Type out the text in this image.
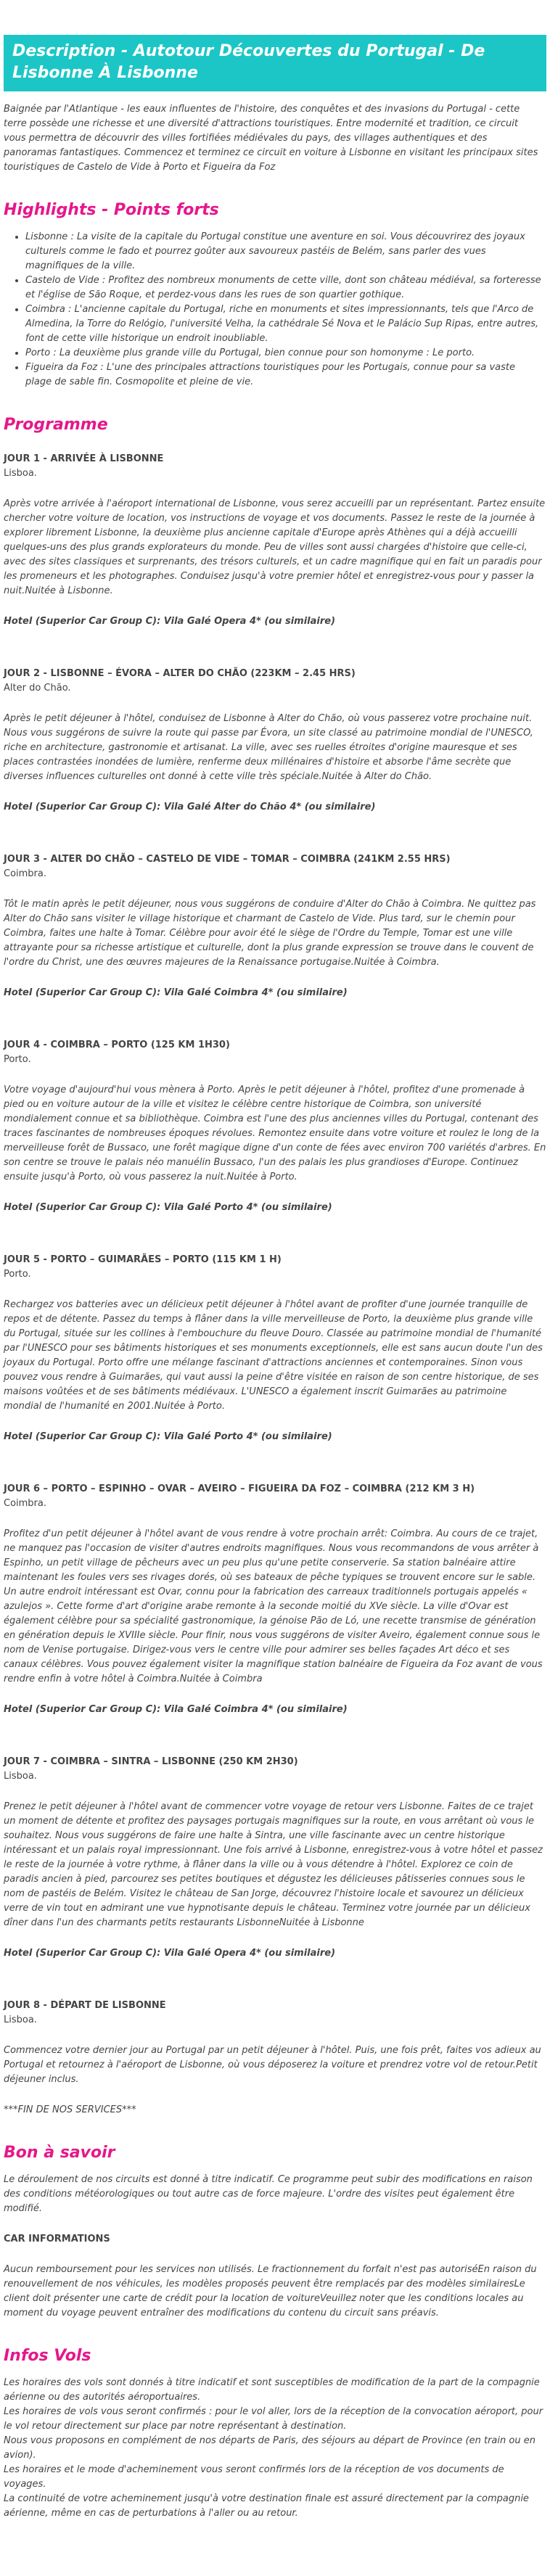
Description - Autotour Découvertes du Portugal - De Lisbonne À Lisbonne

Baignée par l'Atlantique - les eaux influentes de l'histoire, des conquêtes et des invasions du Portugal - cette terre possède une richesse et une diversité d'attractions touristiques. Entre modernité et tradition, ce circuit vous permettra de découvrir des villes fortifiées médiévales du pays, des villages authentiques et des panoramas fantastiques. Commencez et terminez ce circuit en voiture à Lisbonne en visitant les principaux sites touristiques de Castelo de Vide à Porto et Figueira da Foz

Highlights - Points forts
• Lisbonne : La visite de la capitale du Portugal constitue une aventure en soi. Vous découvrirez des joyaux culturels comme le fado et pourrez goûter aux savoureux pastéis de Belém, sans parler des vues magnifiques de la ville.
• Castelo de Vide : Profitez des nombreux monuments de cette ville, dont son château médiéval, sa forteresse et l'église de São Roque, et perdez-vous dans les rues de son quartier gothique.
• Coimbra : L'ancienne capitale du Portugal, riche en monuments et sites impressionnants, tels que l'Arco de Almedina, la Torre do Relógio, l'université Velha, la cathédrale Sé Nova et le Palácio Sup Ripas, entre autres, font de cette ville historique un endroit inoubliable.
• Porto : La deuxième plus grande ville du Portugal, bien connue pour son homonyme : Le porto.
• Figueira da Foz : L'une des principales attractions touristiques pour les Portugais, connue pour sa vaste plage de sable fin. Cosmopolite et pleine de vie.
Programme

JOUR 1 - ARRIVÉE À LISBONNE

Lisboa.

Après votre arrivée à l'aéroport international de Lisbonne, vous serez accueilli par un représentant. Partez ensuite chercher votre voiture de location, vos instructions de voyage et vos documents. Passez le reste de la journée à explorer librement Lisbonne, la deuxième plus ancienne capitale d'Europe après Athènes qui a déjà accueilli quelques-uns des plus grands explorateurs du monde. Peu de villes sont aussi chargées d'histoire que celle-ci, avec des sites classiques et surprenants, des trésors culturels, et un cadre magnifique qui en fait un paradis pour les promeneurs et les photographes. Conduisez jusqu'à votre premier hôtel et enregistrez-vous pour y passer la nuit.Nuitée à Lisbonne.

Hotel (Superior Car Group C): Vila Galé Opera 4* (ou similaire)

JOUR 2 - LISBONNE – ÉVORA – ALTER DO CHÃO (223KM – 2.45 HRS)

Alter do Chão.

Après le petit déjeuner à l'hôtel, conduisez de Lisbonne à Alter do Chão, où vous passerez votre prochaine nuit. Nous vous suggérons de suivre la route qui passe par Évora, un site classé au patrimoine mondial de l'UNESCO, riche en architecture, gastronomie et artisanat. La ville, avec ses ruelles étroites d'origine mauresque et ses places contrastées inondées de lumière, renferme deux millénaires d'histoire et absorbe l'âme secrète que diverses influences culturelles ont donné à cette ville très spéciale.Nuitée à Alter do Chão.

Hotel (Superior Car Group C): Vila Galé Alter do Chão 4* (ou similaire)

JOUR 3 - ALTER DO CHÃO – CASTELO DE VIDE – TOMAR – COIMBRA (241KM 2.55 HRS)

Coimbra.

Tôt le matin après le petit déjeuner, nous vous suggérons de conduire d'Alter do Chão à Coimbra. Ne quittez pas Alter do Chão sans visiter le village historique et charmant de Castelo de Vide. Plus tard, sur le chemin pour Coimbra, faites une halte à Tomar. Célèbre pour avoir été le siège de l'Ordre du Temple, Tomar est une ville attrayante pour sa richesse artistique et culturelle, dont la plus grande expression se trouve dans le couvent de l'ordre du Christ, une des œuvres majeures de la Renaissance portugaise.Nuitée à Coimbra.

Hotel (Superior Car Group C): Vila Galé Coimbra 4* (ou similaire)

JOUR 4 - COIMBRA – PORTO (125 KM 1H30)

Porto.

Votre voyage d'aujourd'hui vous mènera à Porto. Après le petit déjeuner à l'hôtel, profitez d'une promenade à pied ou en voiture autour de la ville et visitez le célèbre centre historique de Coimbra, son université mondialement connue et sa bibliothèque. Coimbra est l'une des plus anciennes villes du Portugal, contenant des traces fascinantes de nombreuses époques révolues. Remontez ensuite dans votre voiture et roulez le long de la merveilleuse forêt de Bussaco, une forêt magique digne d'un conte de fées avec environ 700 variétés d'arbres. En son centre se trouve le palais néo manuélin Bussaco, l'un des palais les plus grandioses d'Europe. Continuez ensuite jusqu'à Porto, où vous passerez la nuit.Nuitée à Porto.

Hotel (Superior Car Group C): Vila Galé Porto 4* (ou similaire)

JOUR 5 - PORTO – GUIMARÃES – PORTO (115 KM 1 H)

Porto.

Rechargez vos batteries avec un délicieux petit déjeuner à l'hôtel avant de profiter d'une journée tranquille de repos et de détente. Passez du temps à flâner dans la ville merveilleuse de Porto, la deuxième plus grande ville du Portugal, située sur les collines à l'embouchure du fleuve Douro. Classée au patrimoine mondial de l'humanité par l'UNESCO pour ses bâtiments historiques et ses monuments exceptionnels, elle est sans aucun doute l'un des joyaux du Portugal. Porto offre une mélange fascinant d'attractions anciennes et contemporaines. Sinon vous pouvez vous rendre à Guimarães, qui vaut aussi la peine d'être visitée en raison de son centre historique, de ses maisons voûtées et de ses bâtiments médiévaux. L'UNESCO a également inscrit Guimarães au patrimoine mondial de l'humanité en 2001.Nuitée à Porto.

Hotel (Superior Car Group C): Vila Galé Porto 4* (ou similaire)

JOUR 6 – PORTO – ESPINHO – OVAR – AVEIRO – FIGUEIRA DA FOZ – COIMBRA (212 KM 3 H)

Coimbra.

Profitez d'un petit déjeuner à l'hôtel avant de vous rendre à votre prochain arrêt: Coimbra. Au cours de ce trajet, ne manquez pas l'occasion de visiter d'autres endroits magnifiques. Nous vous recommandons de vous arrêter à Espinho, un petit village de pêcheurs avec un peu plus qu'une petite conserverie. Sa station balnéaire attire maintenant les foules vers ses rivages dorés, où ses bateaux de pêche typiques se trouvent encore sur le sable. Un autre endroit intéressant est Ovar, connu pour la fabrication des carreaux traditionnels portugais appelés « azulejos ». Cette forme d'art d'origine arabe remonte à la seconde moitié du XVe siècle. La ville d'Ovar est également célèbre pour sa spécialité gastronomique, la génoise Pão de Ló, une recette transmise de génération en génération depuis le XVIIIe siècle. Pour finir, nous vous suggérons de visiter Aveiro, également connue sous le nom de Venise portugaise. Dirigez-vous vers le centre ville pour admirer ses belles façades Art déco et ses canaux célèbres. Vous pouvez également visiter la magnifique station balnéaire de Figueira da Foz avant de vous rendre enfin à votre hôtel à Coimbra.Nuitée à Coimbra

Hotel (Superior Car Group C): Vila Galé Coimbra 4* (ou similaire)

JOUR 7 - COIMBRA – SINTRA – LISBONNE (250 KM 2H30)

Lisboa.

Prenez le petit déjeuner à l'hôtel avant de commencer votre voyage de retour vers Lisbonne. Faites de ce trajet un moment de détente et profitez des paysages portugais magnifiques sur la route, en vous arrêtant où vous le souhaitez. Nous vous suggérons de faire une halte à Sintra, une ville fascinante avec un centre historique intéressant et un palais royal impressionnant. Une fois arrivé à Lisbonne, enregistrez-vous à votre hôtel et passez le reste de la journée à votre rythme, à flâner dans la ville ou à vous détendre à l'hôtel. Explorez ce coin de paradis ancien à pied, parcourez ses petites boutiques et dégustez les délicieuses pâtisseries connues sous le nom de pastéis de Belém. Visitez le château de San Jorge, découvrez l'histoire locale et savourez un délicieux verre de vin tout en admirant une vue hypnotisante depuis le château. Terminez votre journée par un délicieux dîner dans l'un des charmants petits restaurants LisbonneNuitée à Lisbonne

Hotel (Superior Car Group C): Vila Galé Opera 4* (ou similaire)

JOUR 8 - DÉPART DE LISBONNE

Lisboa.

Commencez votre dernier jour au Portugal par un petit déjeuner à l'hôtel. Puis, une fois prêt, faites vos adieux au Portugal et retournez à l'aéroport de Lisbonne, où vous déposerez la voiture et prendrez votre vol de retour.Petit déjeuner inclus.

***FIN DE NOS SERVICES***

Bon à savoir

Le déroulement de nos circuits est donné à titre indicatif. Ce programme peut subir des modifications en raison des conditions météorologiques ou tout autre cas de force majeure. L'ordre des visites peut également être modifié.

CAR INFORMATIONS

Aucun remboursement pour les services non utilisés. Le fractionnement du forfait n'est pas autoriséEn raison du renouvellement de nos véhicules, les modèles proposés peuvent être remplacés par des modèles similairesLe client doit présenter une carte de crédit pour la location de voitureVeuillez noter que les conditions locales au moment du voyage peuvent entraîner des modifications du contenu du circuit sans préavis.

Infos Vols

Les horaires des vols sont donnés à titre indicatif et sont susceptibles de modification de la part de la compagnie aérienne ou des autorités aéroportuaires.

Les horaires de vols vous seront confirmés : pour le vol aller, lors de la réception de la convocation aéroport, pour le vol retour directement sur place par notre représentant à destination.

Nous vous proposons en complément de nos départs de Paris, des séjours au départ de Province (en train ou en avion).

Les horaires et le mode d'acheminement vous seront confirmés lors de la réception de vos documents de voyages.

La continuité de votre acheminement jusqu'à votre destination finale est assuré directement par la compagnie aérienne, même en cas de perturbations à l'aller ou au retour.
